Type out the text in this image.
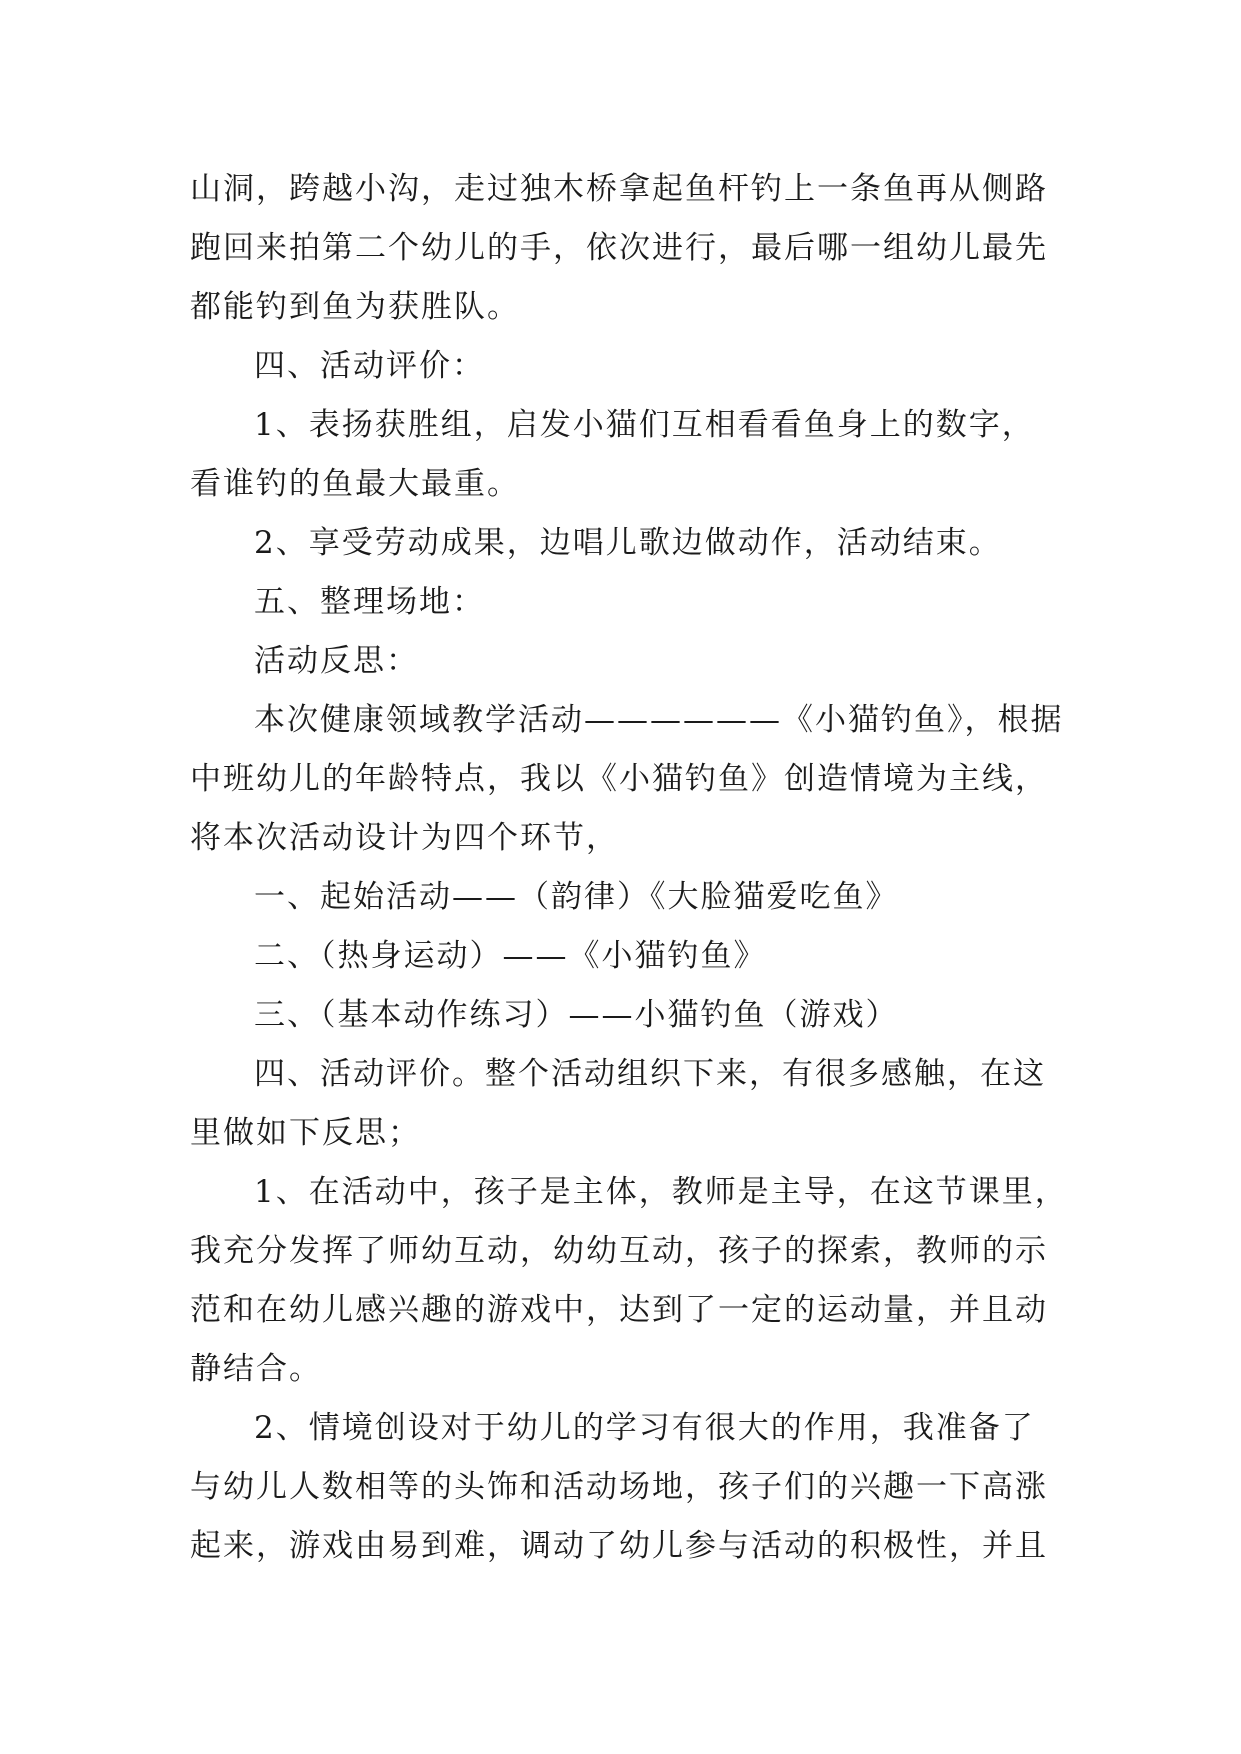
山洞，跨越小沟，走过独木桥拿起鱼杆钓上一条鱼再从侧路
跑回来拍第二个幼儿的手，依次进行，最后哪一组幼儿最先
都能钓到鱼为获胜队。
四、活动评价：
1、表扬获胜组，启发小猫们互相看看鱼身上的数字，
看谁钓的鱼最大最重。
2、享受劳动成果，边唱儿歌边做动作，活动结束。
五、整理场地：
活动反思：
本次健康领域教学活动——————《小猫钓鱼》，根据
中班幼儿的年龄特点，我以《小猫钓鱼》创造情境为主线，
将本次活动设计为四个环节，
一、起始活动——（韵律）《大脸猫爱吃鱼》
二、（热身运动）——《小猫钓鱼》
三、（基本动作练习）——小猫钓鱼（游戏）
四、活动评价。整个活动组织下来，有很多感触，在这
里做如下反思；
1、在活动中，孩子是主体，教师是主导，在这节课里，
我充分发挥了师幼互动，幼幼互动，孩子的探索，教师的示
范和在幼儿感兴趣的游戏中，达到了一定的运动量，并且动
静结合。
2、情境创设对于幼儿的学习有很大的作用，我准备了
与幼儿人数相等的头饰和活动场地，孩子们的兴趣一下高涨
起来，游戏由易到难，调动了幼儿参与活动的积极性，并且
